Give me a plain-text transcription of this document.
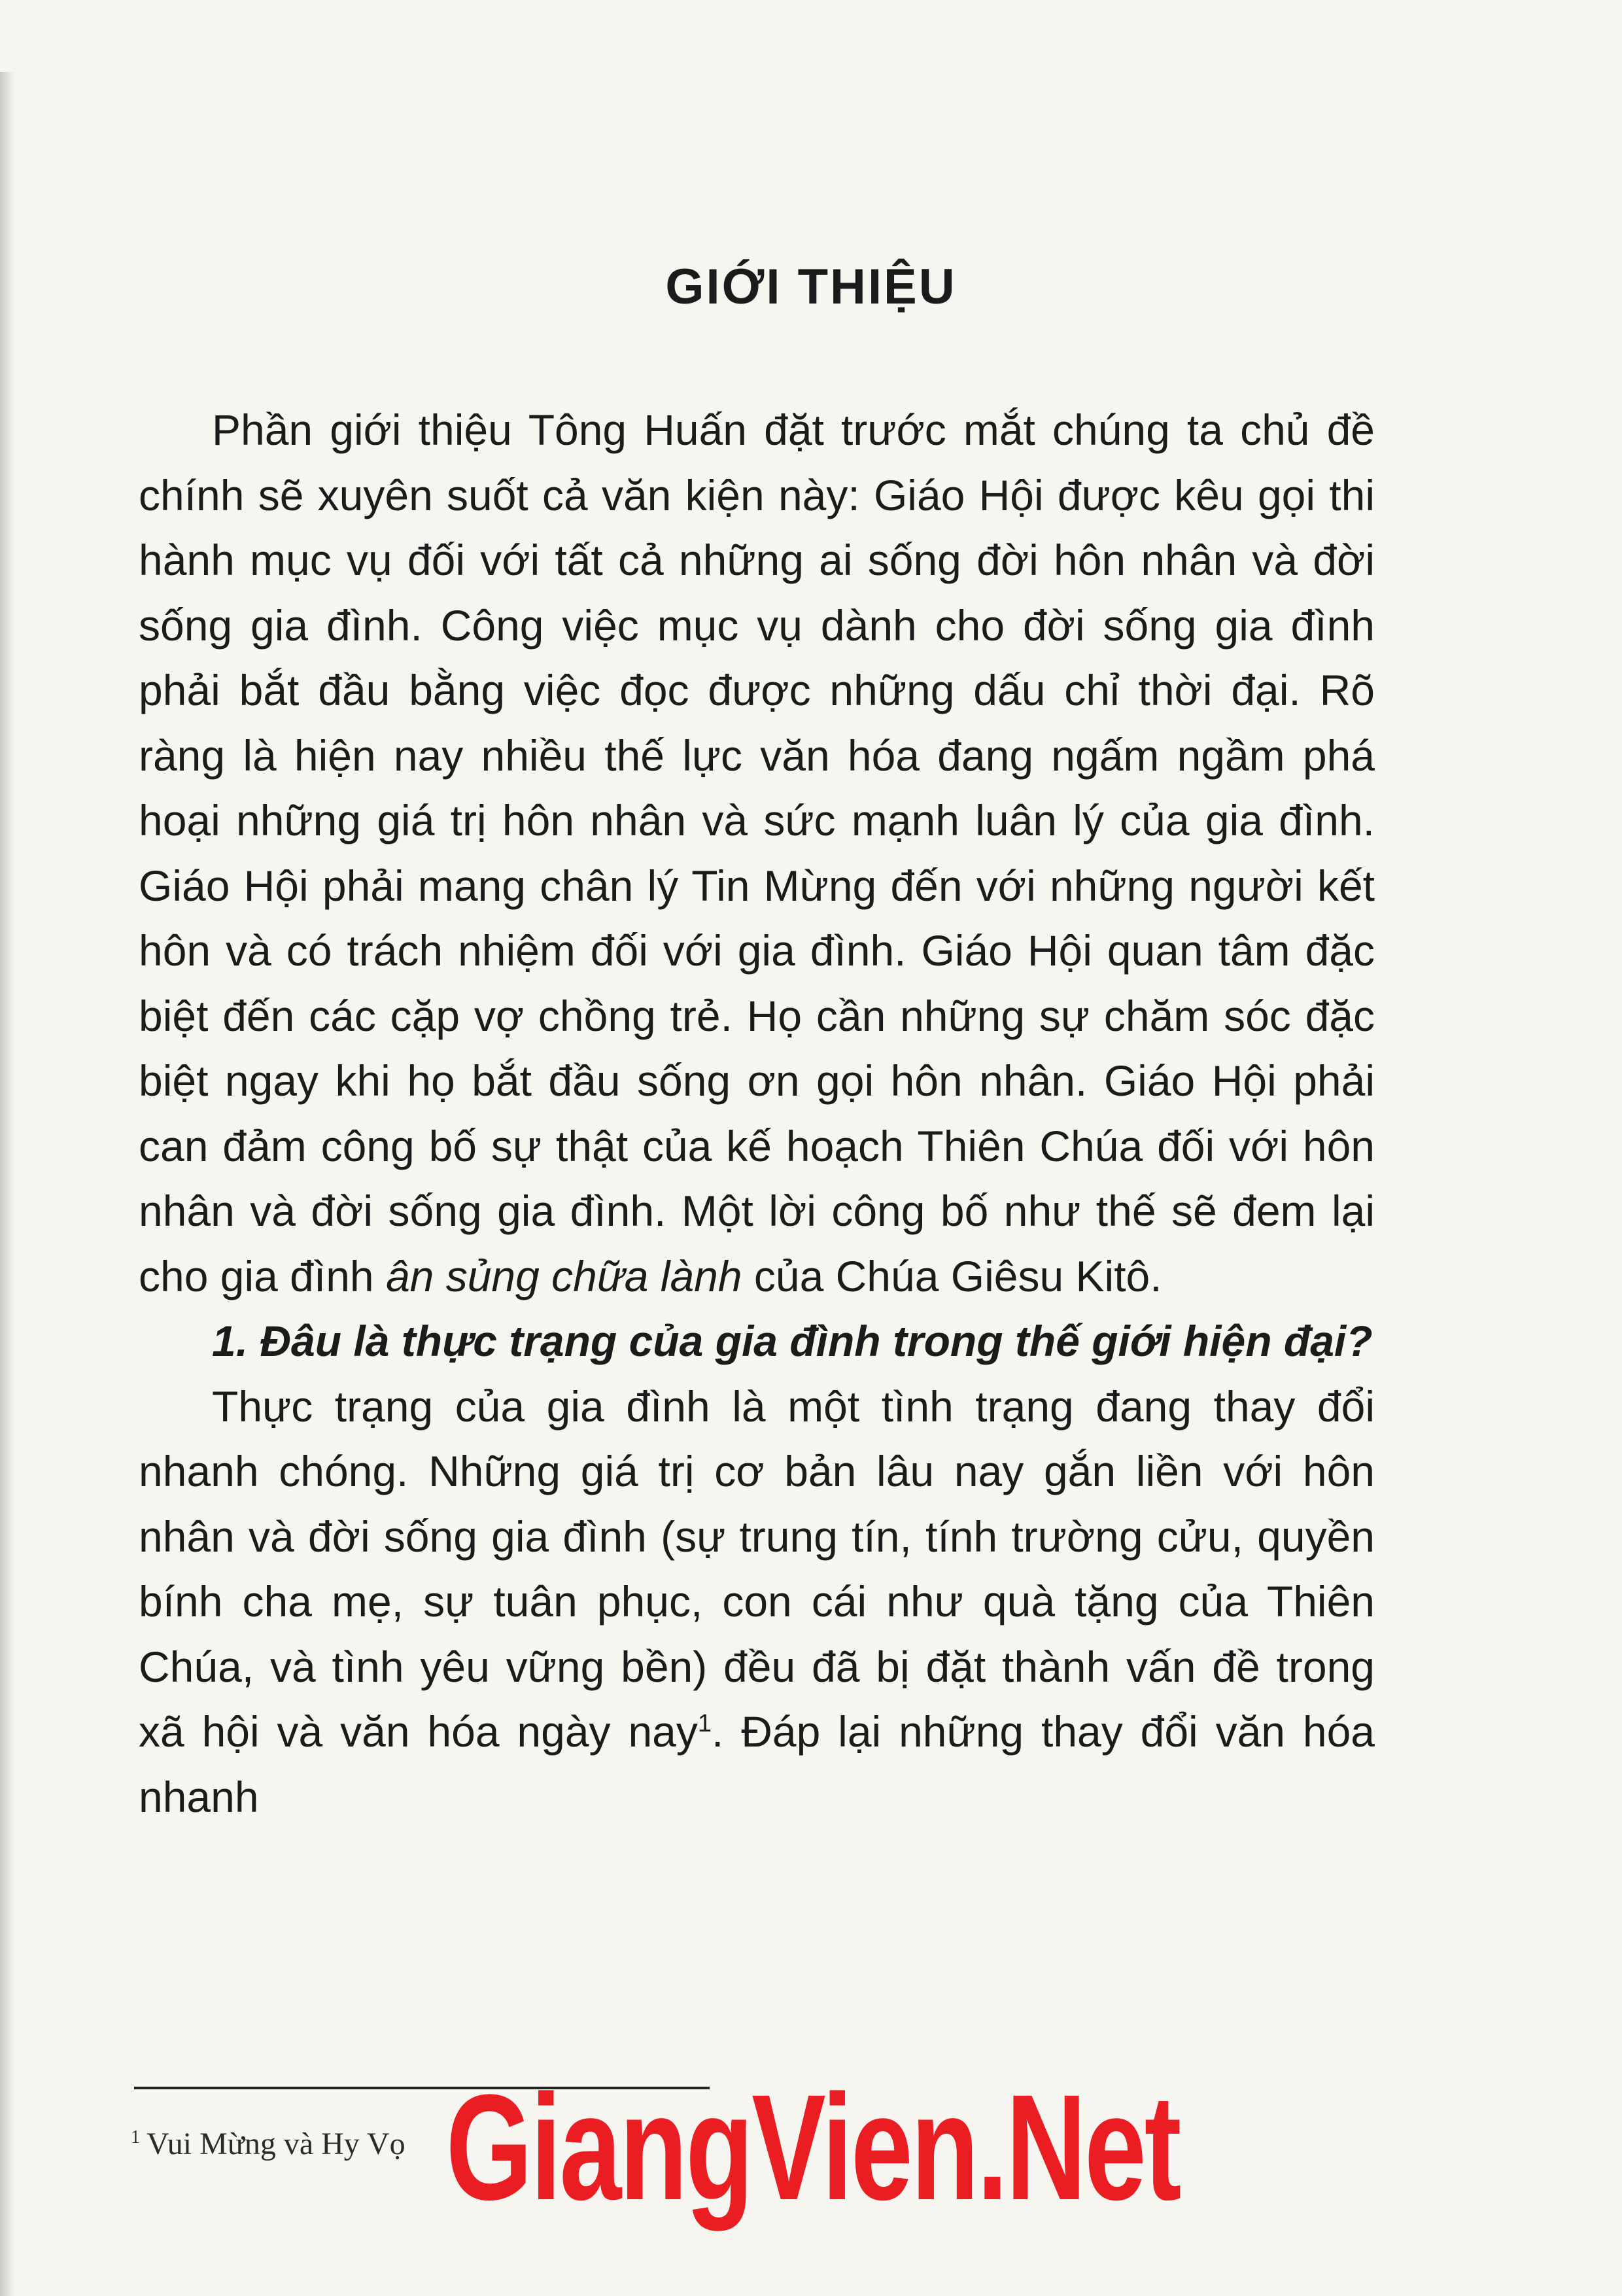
GIỚI THIỆU

Phần giới thiệu Tông Huấn đặt trước mắt chúng ta chủ đề chính sẽ xuyên suốt cả văn kiện này: Giáo Hội được kêu gọi thi hành mục vụ đối với tất cả những ai sống đời hôn nhân và đời sống gia đình. Công việc mục vụ dành cho đời sống gia đình phải bắt đầu bằng việc đọc được những dấu chỉ thời đại. Rõ ràng là hiện nay nhiều thế lực văn hóa đang ngấm ngầm phá hoại những giá trị hôn nhân và sức mạnh luân lý của gia đình. Giáo Hội phải mang chân lý Tin Mừng đến với những người kết hôn và có trách nhiệm đối với gia đình. Giáo Hội quan tâm đặc biệt đến các cặp vợ chồng trẻ. Họ cần những sự chăm sóc đặc biệt ngay khi họ bắt đầu sống ơn gọi hôn nhân. Giáo Hội phải can đảm công bố sự thật của kế hoạch Thiên Chúa đối với hôn nhân và đời sống gia đình. Một lời công bố như thế sẽ đem lại cho gia đình ân sủng chữa lành của Chúa Giêsu Kitô.

1. Đâu là thực trạng của gia đình trong thế giới hiện đại?

Thực trạng của gia đình là một tình trạng đang thay đổi nhanh chóng. Những giá trị cơ bản lâu nay gắn liền với hôn nhân và đời sống gia đình (sự trung tín, tính trường cửu, quyền bính cha mẹ, sự tuân phục, con cái như quà tặng của Thiên Chúa, và tình yêu vững bền) đều đã bị đặt thành vấn đề trong xã hội và văn hóa ngày nay$^1$. Đáp lại những thay đổi văn hóa nhanh

$^1$ Vui Mừng và Hy Vọ GiangVien.Net
